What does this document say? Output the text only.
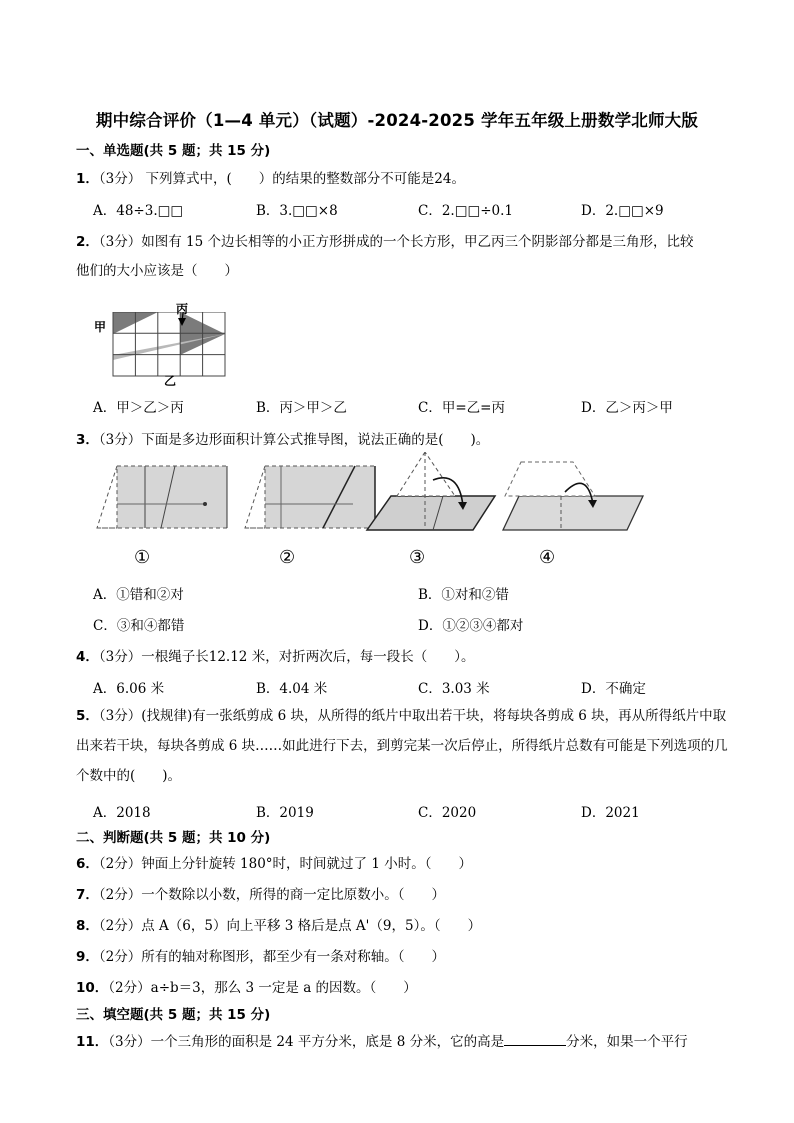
期中综合评价（1—4 单元）（试题）-2024-2025 学年五年级上册数学北师大版
一、单选题(共 5 题；共 15 分)
1．（3分） 下列算式中，(　　）的结果的整数部分不可能是24。
A．48÷3.□□	B．3.□□×8	C．2.□□÷0.1	D．2.□□×9
2．（3分）如图有 15 个边长相等的小正方形拼成的一个长方形，甲乙丙三个阴影部分都是三角形，比较
他们的大小应该是（　　）
丙
甲
乙
A．甲＞乙＞丙	B．丙＞甲＞乙	C．甲=乙=丙	D．乙＞丙＞甲
3．（3分）下面是多边形面积计算公式推导图，说法正确的是(　　)。
①	②	③	④
A．①错和②对	B．①对和②错
C．③和④都错	D．①②③④都对
4．（3分）一根绳子长12.12 米，对折两次后，每一段长（　　）。
A．6.06 米	B．4.04 米	C．3.03 米	D．不确定
5．（3分）(找规律)有一张纸剪成 6 块，从所得的纸片中取出若干块，将每块各剪成 6 块，再从所得纸片中取出来若干块，每块各剪成 6 块……如此进行下去，到剪完某一次后停止，所得纸片总数有可能是下列选项的几个数中的(　　)。
A．2018	B．2019	C．2020	D．2021
二、判断题(共 5 题；共 10 分)
6．（2分）钟面上分针旋转 180°时，时间就过了 1 小时。（　　）
7．（2分）一个数除以小数，所得的商一定比原数小。（　　）
8．（2分）点 A（6，5）向上平移 3 格后是点 A'（9，5）。（　　）
9．（2分）所有的轴对称图形，都至少有一条对称轴。（　　）
10．（2分）a÷b＝3，那么 3 一定是 a 的因数。（　　）
三、填空题(共 5 题；共 15 分)
11．（3分）一个三角形的面积是 24 平方分米，底是 8 分米，它的高是	分米，如果一个平行
